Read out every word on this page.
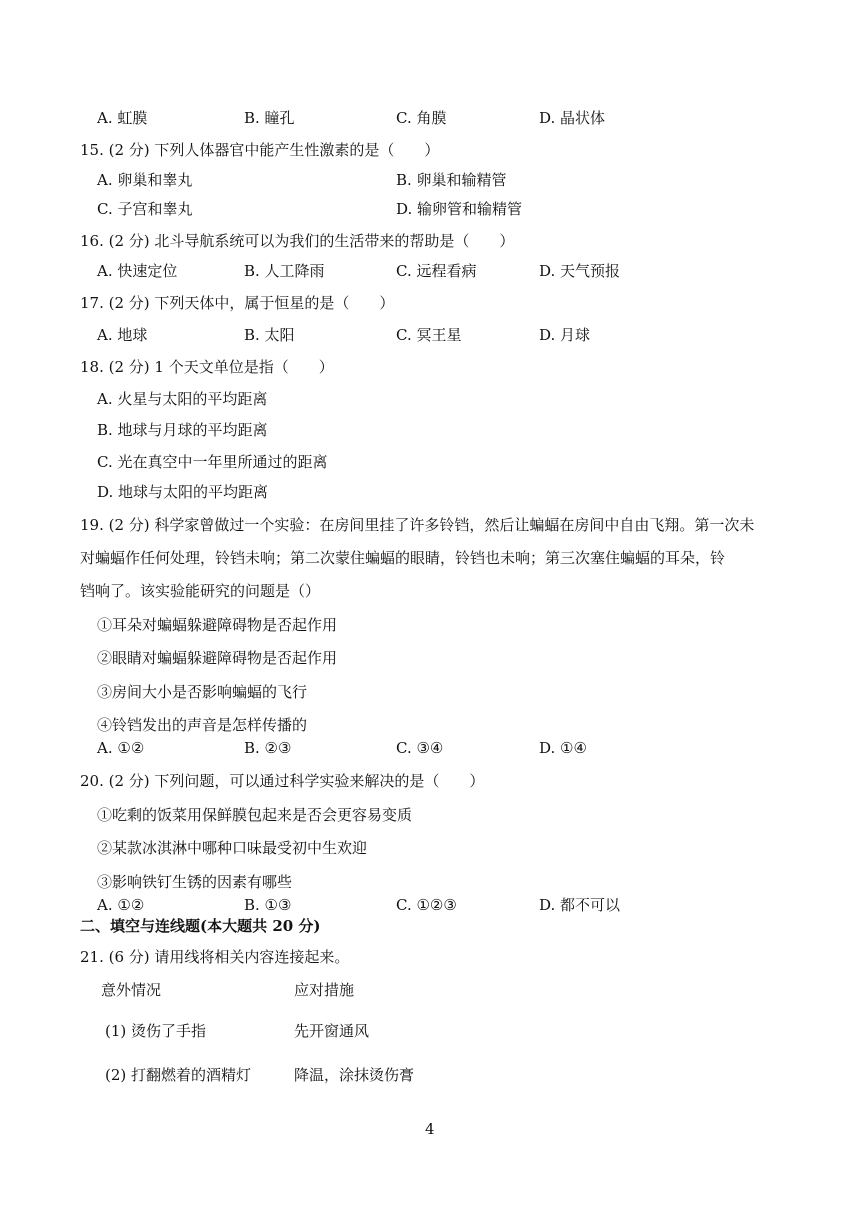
A. 虹膜	B. 瞳孔	C. 角膜	D. 晶状体
15. (2 分) 下列人体器官中能产生性激素的是（　　）
A. 卵巢和睾丸	B. 卵巢和输精管
C. 子宫和睾丸	D. 输卵管和输精管
16. (2 分) 北斗导航系统可以为我们的生活带来的帮助是（　　）
A. 快速定位	B. 人工降雨	C. 远程看病	D. 天气预报
17. (2 分) 下列天体中，属于恒星的是（　　）
A. 地球	B. 太阳	C. 冥王星	D. 月球
18. (2 分) 1 个天文单位是指（　　）
A. 火星与太阳的平均距离
B. 地球与月球的平均距离
C. 光在真空中一年里所通过的距离
D. 地球与太阳的平均距离
19. (2 分) 科学家曾做过一个实验：在房间里挂了许多铃铛，然后让蝙蝠在房间中自由飞翔。第一次未
对蝙蝠作任何处理，铃铛未响；第二次蒙住蝙蝠的眼睛，铃铛也未响；第三次塞住蝙蝠的耳朵，铃
铛响了。该实验能研究的问题是（）
①耳朵对蝙蝠躲避障碍物是否起作用
②眼睛对蝙蝠躲避障碍物是否起作用
③房间大小是否影响蝙蝠的飞行
④铃铛发出的声音是怎样传播的
A. ①②	B. ②③	C. ③④	D. ①④
20. (2 分) 下列问题，可以通过科学实验来解决的是（　　）
①吃剩的饭菜用保鲜膜包起来是否会更容易变质
②某款冰淇淋中哪种口味最受初中生欢迎
③影响铁钉生锈的因素有哪些
A. ①②	B. ①③	C. ①②③	D. 都不可以
二、填空与连线题(本大题共 20 分)
21. (6 分) 请用线将相关内容连接起来。
意外情况	应对措施
(1) 烫伤了手指	先开窗通风
(2) 打翻燃着的酒精灯	降温，涂抹烫伤膏
4
